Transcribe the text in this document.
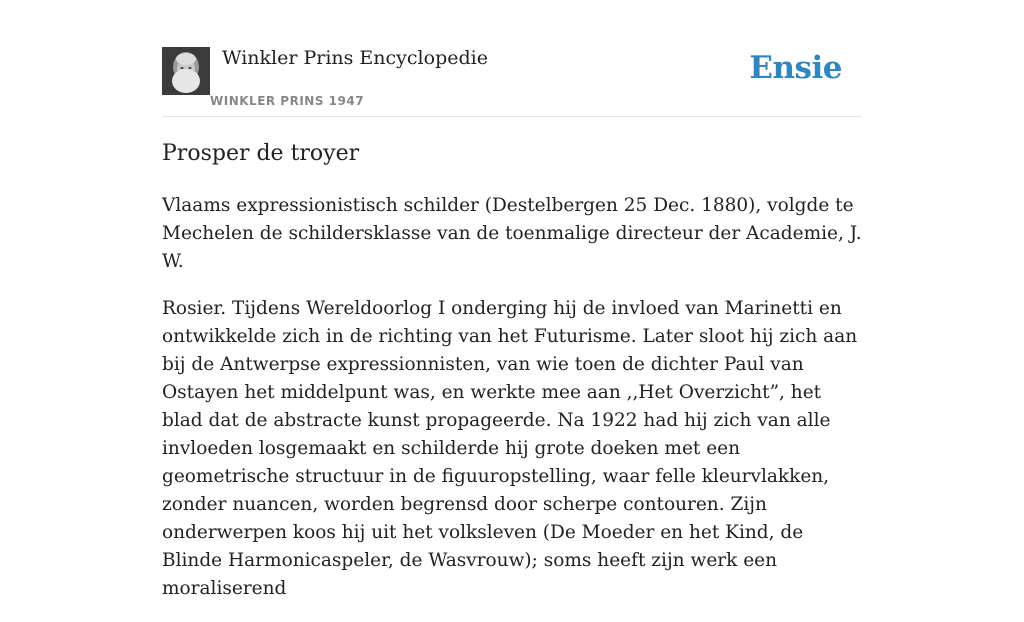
Winkler Prins Encyclopedie
WINKLER PRINS 1947
Ensie
Prosper de troyer

Vlaams expressionistisch schilder (Destelbergen 25 Dec. 1880), volgde te Mechelen de schildersklasse van de toenmalige directeur der Academie, J. W.

Rosier. Tijdens Wereldoorlog I onderging hij de invloed van Marinetti en ontwikkelde zich in de richting van het Futurisme. Later sloot hij zich aan bij de Antwerpse expressionnisten, van wie toen de dichter Paul van Ostayen het middelpunt was, en werkte mee aan ,,Het Overzicht”, het blad dat de abstracte kunst propageerde. Na 1922 had hij zich van alle invloeden losgemaakt en schilderde hij grote doeken met een geometrische structuur in de figuuropstelling, waar felle kleurvlakken, zonder nuancen, worden begrensd door scherpe contouren. Zijn onderwerpen koos hij uit het volksleven (De Moeder en het Kind, de Blinde Harmonicaspeler, de Wasvrouw); soms heeft zijn werk een moraliserend
